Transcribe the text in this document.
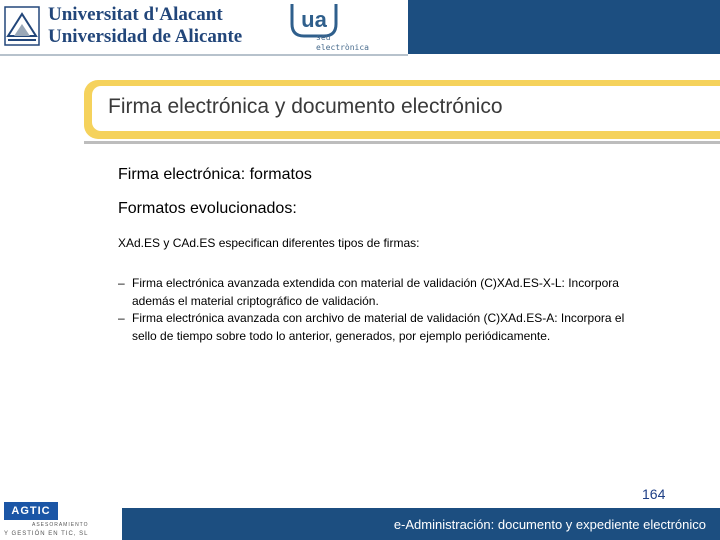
Universitat d'Alacant
Universidad de Alicante
ua
seu
electrònica
Firma electrónica y documento electrónico
Firma electrónica: formatos
Formatos evolucionados:
XAd.ES y CAd.ES especifican diferentes tipos de firmas:
– Firma electrónica avanzada extendida con material de validación (C)XAd.ES-X-L: Incorpora además el material criptográfico de validación.
– Firma electrónica avanzada con archivo de material de validación (C)XAd.ES-A: Incorpora el sello de tiempo sobre todo lo anterior, generados, por ejemplo periódicamente.
164
AGTIC
ASESORAMIENTO
Y GESTIÓN EN TIC, SL
e-Administración: documento y expediente electrónico
